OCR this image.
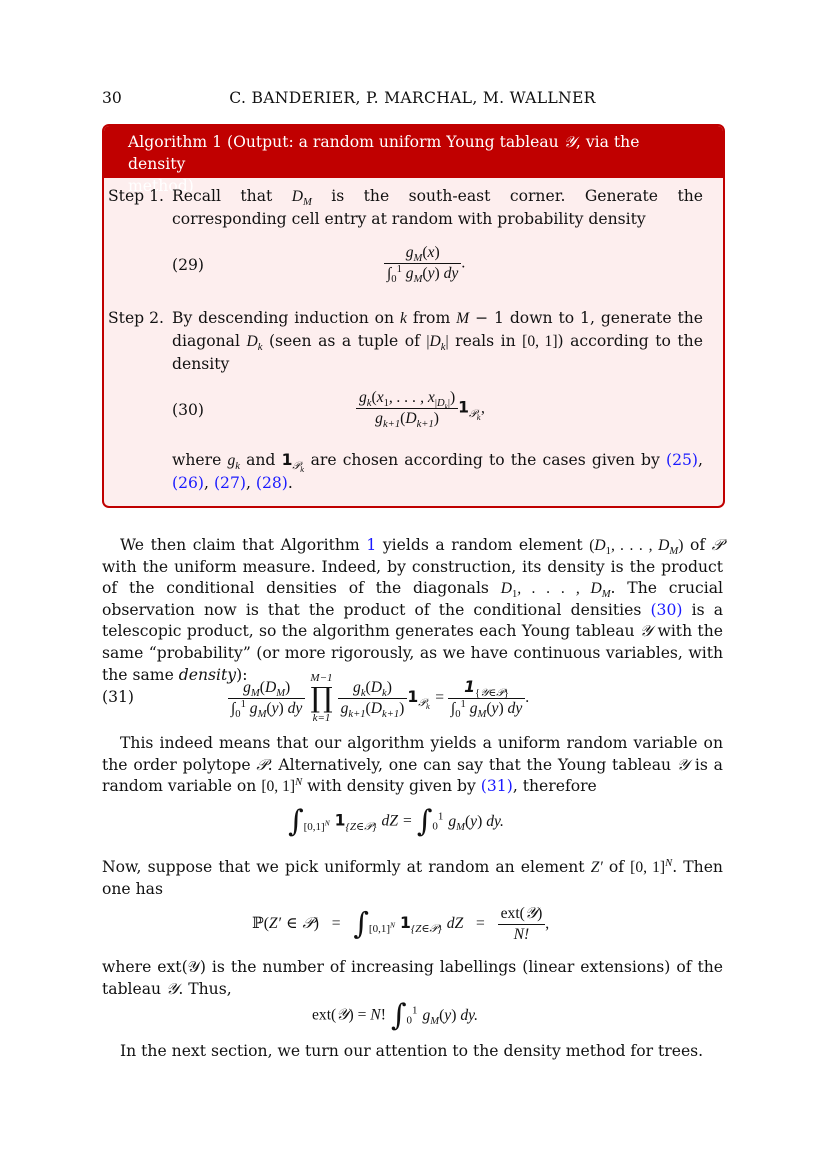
30	C. BANDERIER, P. MARCHAL, M. WALLNER
Algorithm 1 (Output: a random uniform Young tableau 𝒴, via the density
method)
Step 1. Recall that $D_M$ is the south-east corner. Generate the corresponding cell entry at random with probability density
(29)	$\frac{g_M(x)}{\int_0^1 g_M(y) dy}$ .
Step 2. By descending induction on k from M − 1 down to 1, generate the diagonal $D_k$ (seen as a tuple of $|D_k|$ reals in [0, 1]) according to the density
(30)	$\frac{g_k(x_1, . . . , x_{|D_k|})}{g_{k+1}(D_{k+1})} 1_{𝒫_k}$,
where $g_k$ and $1_{𝒫_k}$ are chosen according to the cases given by (25), (26), (27), (28).
We then claim that Algorithm 1 yields a random element ($D_1$, . . . , $D_M$) of 𝒫 with the uniform measure. Indeed, by construction, its density is the product of the conditional densities of the diagonals $D_1$, . . . , $D_M$. The crucial observation now is that the product of the conditional densities (30) is a telescopic product, so the algorithm generates each Young tableau 𝒴 with the same “probability” (or more rigorously, as we have continuous variables, with the same density):
(31)	$\frac{g_M(D_M)}{\int_0^1 g_M(y) dy}$
M−1
∏
k=1
$\frac{g_k(D_k)}{g_{k+1}(D_{k+1})} 1_{𝒫_k} = \frac{1_{\{𝒴\in 𝒫\}}}{\int_0^1 g_M(y) dy}$ .
This indeed means that our algorithm yields a uniform random variable on the order polytope 𝒫. Alternatively, one can say that the Young tableau 𝒴 is a random variable on [0, 1]$^N$ with density given by (31), therefore
$\int_{[0,1]^N}$ $1_{\{Z\in 𝒫\}}$ dZ = $\int_0^1$ $g_M(y)$ dy.
Now, suppose that we pick uniformly at random an element Z′ of [0, 1]$^N$. Then one has
ℙ(Z′ ∈ 𝒫)   =   $\int_{[0,1]^N}$ $1_{\{Z\in 𝒫\}}$ dZ   = $\frac{\text{ext(𝒴)}}{N!}$ ,
where ext(𝒴) is the number of increasing labellings (linear extensions) of the tableau 𝒴. Thus,
ext(𝒴) = N! $\int_0^1$ $g_M(y)$ dy.
In the next section, we turn our attention to the density method for trees.
